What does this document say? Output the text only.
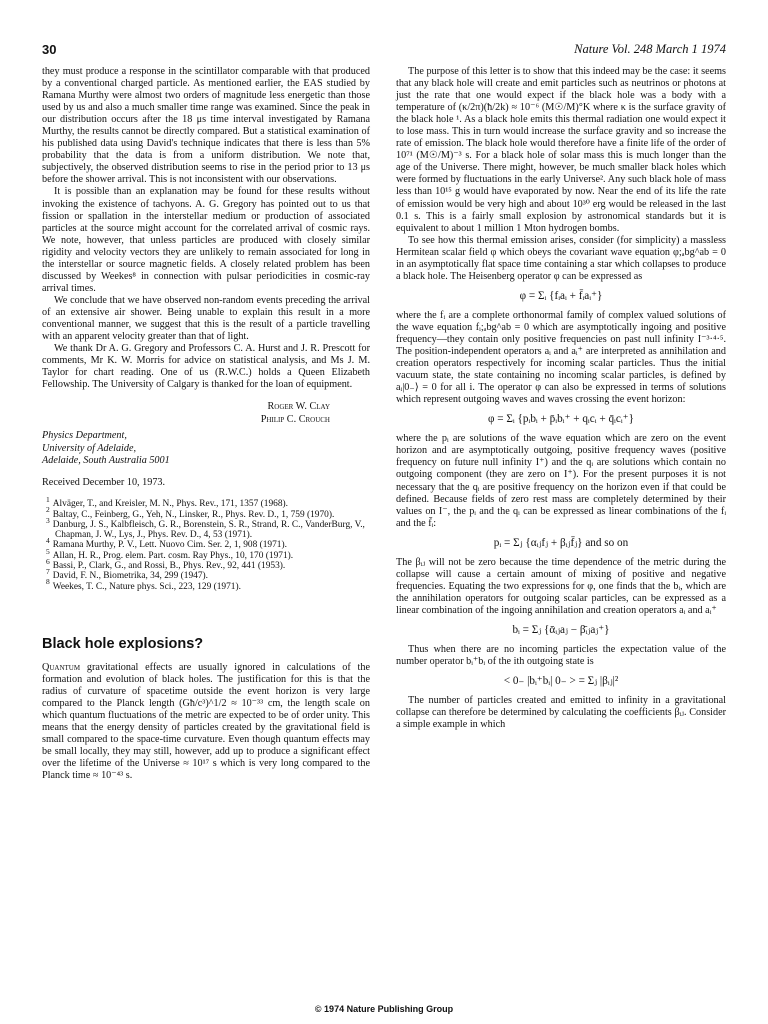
30	Nature Vol. 248 March 1 1974

they must produce a response in the scintillator comparable with that produced by a conventional charged particle. As mentioned earlier, the EAS studied by Ramana Murthy were almost two orders of magnitude less energetic than those used by us and also a much smaller time range was examined. Since the peak in our distribution occurs after the 18 μs time interval investigated by Ramana Murthy, the results cannot be directly compared. But a statistical examination of his published data using David's technique indicates that there is less than 5% probability that the data is from a uniform distribution. We note that, subjectively, the observed distribution seems to rise in the period prior to 13 μs before the shower arrival. This is not inconsistent with our observations.

It is possible than an explanation may be found for these results without invoking the existence of tachyons. A. G. Gregory has pointed out to us that fission or spallation in the interstellar medium or production of associated particles at the source might account for the correlated arrival of cosmic rays. We note, however, that unless particles are produced with closely similar rigidity and velocity vectors they are unlikely to remain associated for long in the interstellar or source magnetic fields. A closely related problem has been discussed by Weekes⁸ in connection with pulsar periodicities in cosmic-ray arrival times.

We conclude that we have observed non-random events preceding the arrival of an extensive air shower. Being unable to explain this result in a more conventional manner, we suggest that this is the result of a particle travelling with an apparent velocity greater than that of light.

We thank Dr A. G. Gregory and Professors C. A. Hurst and J. R. Prescott for comments, Mr K. W. Morris for advice on statistical analysis, and Ms J. M. Taylor for chart reading. One of us (R.W.C.) holds a Queen Elizabeth Fellowship. The University of Calgary is thanked for the loan of equipment.

Roger W. Clay
Philip C. Crouch
Physics Department,
University of Adelaide,
Adelaide, South Australia 5001
Received December 10, 1973.
$^1$ Alväger, T., and Kreisler, M. N., Phys. Rev., 171, 1357 (1968).
$^2$ Baltay, C., Feinberg, G., Yeh, N., Linsker, R., Phys. Rev. D., 1, 759 (1970).
$^3$ Danburg, J. S., Kalbfleisch, G. R., Borenstein, S. R., Strand, R. C., VanderBurg, V., Chapman, J. W., Lys, J., Phys. Rev. D., 4, 53 (1971).
$^4$ Ramana Murthy, P. V., Lett. Nuovo Cim. Ser. 2, 1, 908 (1971).
$^5$ Allan, H. R., Prog. elem. Part. cosm. Ray Phys., 10, 170 (1971).
$^6$ Bassi, P., Clark, G., and Rossi, B., Phys. Rev., 92, 441 (1953).
$^7$ David, F. N., Biometrika, 34, 299 (1947).
$^8$ Weekes, T. C., Nature phys. Sci., 223, 129 (1971).
Black hole explosions?

Quantum gravitational effects are usually ignored in calculations of the formation and evolution of black holes. The justification for this is that the radius of curvature of spacetime outside the event horizon is very large compared to the Planck length (Għ/c³)^1/2 ≈ 10⁻³³ cm, the length scale on which quantum fluctuations of the metric are expected to be of order unity. This means that the energy density of particles created by the gravitational field is small compared to the space-time curvature. Even though quantum effects may be small locally, they may still, however, add up to produce a significant effect over the lifetime of the Universe ≈ 10¹⁷ s which is very long compared to the Planck time ≈ 10⁻⁴³ s.

The purpose of this letter is to show that this indeed may be the case: it seems that any black hole will create and emit particles such as neutrinos or photons at just the rate that one would expect if the black hole was a body with a temperature of (κ/2π)(ħ/2k) ≈ 10⁻⁶ (M☉/M)°K where κ is the surface gravity of the black hole ¹. As a black hole emits this thermal radiation one would expect it to lose mass. This in turn would increase the surface gravity and so increase the rate of emission. The black hole would therefore have a finite life of the order of 10⁷¹ (M☉/M)⁻³ s. For a black hole of solar mass this is much longer than the age of the Universe. There might, however, be much smaller black holes which were formed by fluctuations in the early Universe². Any such black hole of mass less than 10¹⁵ g would have evaporated by now. Near the end of its life the rate of emission would be very high and about 10³⁰ erg would be released in the last 0.1 s. This is a fairly small explosion by astronomical standards but it is equivalent to about 1 million 1 Mton hydrogen bombs.

To see how this thermal emission arises, consider (for simplicity) a massless Hermitean scalar field φ which obeys the covariant wave equation φ;ₐbg^ab = 0 in an asymptotically flat space time containing a star which collapses to produce a black hole. The Heisenberg operator φ can be expressed as

φ = Σᵢ {fᵢaᵢ + f̄ᵢaᵢ⁺}

where the fᵢ are a complete orthonormal family of complex valued solutions of the wave equation fᵢ;ₐbg^ab = 0 which are asymptotically ingoing and positive frequency—they contain only positive frequencies on past null infinity I⁻³·⁴·⁵. The position-independent operators aᵢ and aᵢ⁺ are interpreted as annihilation and creation operators respectively for incoming scalar particles. Thus the initial vacuum state, the state containing no incoming scalar particles, is defined by aᵢ|0₋⟩ = 0 for all i. The operator φ can also be expressed in terms of solutions which represent outgoing waves and waves crossing the event horizon:

φ = Σᵢ {pᵢbᵢ + p̄ᵢbᵢ⁺ + qᵢcᵢ + q̄ᵢcᵢ⁺}

where the pᵢ are solutions of the wave equation which are zero on the event horizon and are asymptotically outgoing, positive frequency waves (positive frequency on future null infinity I⁺) and the qᵢ are solutions which contain no outgoing component (they are zero on I⁺). For the present purposes it is not necessary that the qᵢ are positive frequency on the horizon even if that could be defined. Because fields of zero rest mass are completely determined by their values on I⁻, the pᵢ and the qᵢ can be expressed as linear combinations of the fᵢ and the f̄ᵢ:

pᵢ = Σⱼ {αᵢⱼfⱼ + βᵢⱼf̄ⱼ} and so on

The βᵢⱼ will not be zero because the time dependence of the metric during the collapse will cause a certain amount of mixing of positive and negative frequencies. Equating the two expressions for φ, one finds that the bᵢ, which are the annihilation operators for outgoing scalar particles, can be expressed as a linear combination of the ingoing annihilation and creation operators aᵢ and aᵢ⁺

bᵢ = Σⱼ {ᾱᵢⱼaⱼ − β̄ᵢⱼaⱼ⁺}

Thus when there are no incoming particles the expectation value of the number operator bᵢ⁺bᵢ of the ith outgoing state is

< 0₋ |bᵢ⁺bᵢ| 0₋ > = Σⱼ |βᵢⱼ|²

The number of particles created and emitted to infinity in a gravitational collapse can therefore be determined by calculating the coefficients βᵢⱼ. Consider a simple example in which

© 1974 Nature Publishing Group
